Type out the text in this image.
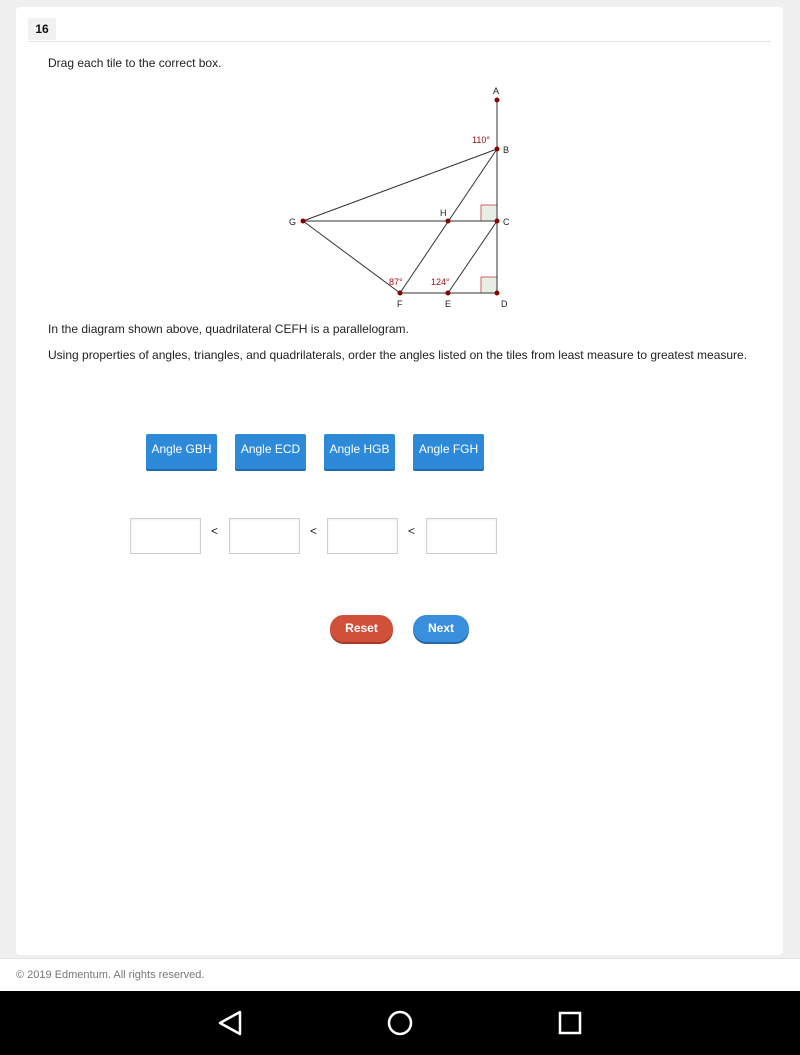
16
Drag each tile to the correct box.
A
B
C
D
E
F
G
H
110°
87°	124°
In the diagram shown above, quadrilateral CEFH is a parallelogram.
Using properties of angles, triangles, and quadrilaterals, order the angles listed on the tiles from least measure to greatest measure.
Angle GBH	Angle ECD	Angle HGB	Angle FGH
<	<	<
Reset	Next
© 2019 Edmentum. All rights reserved.
